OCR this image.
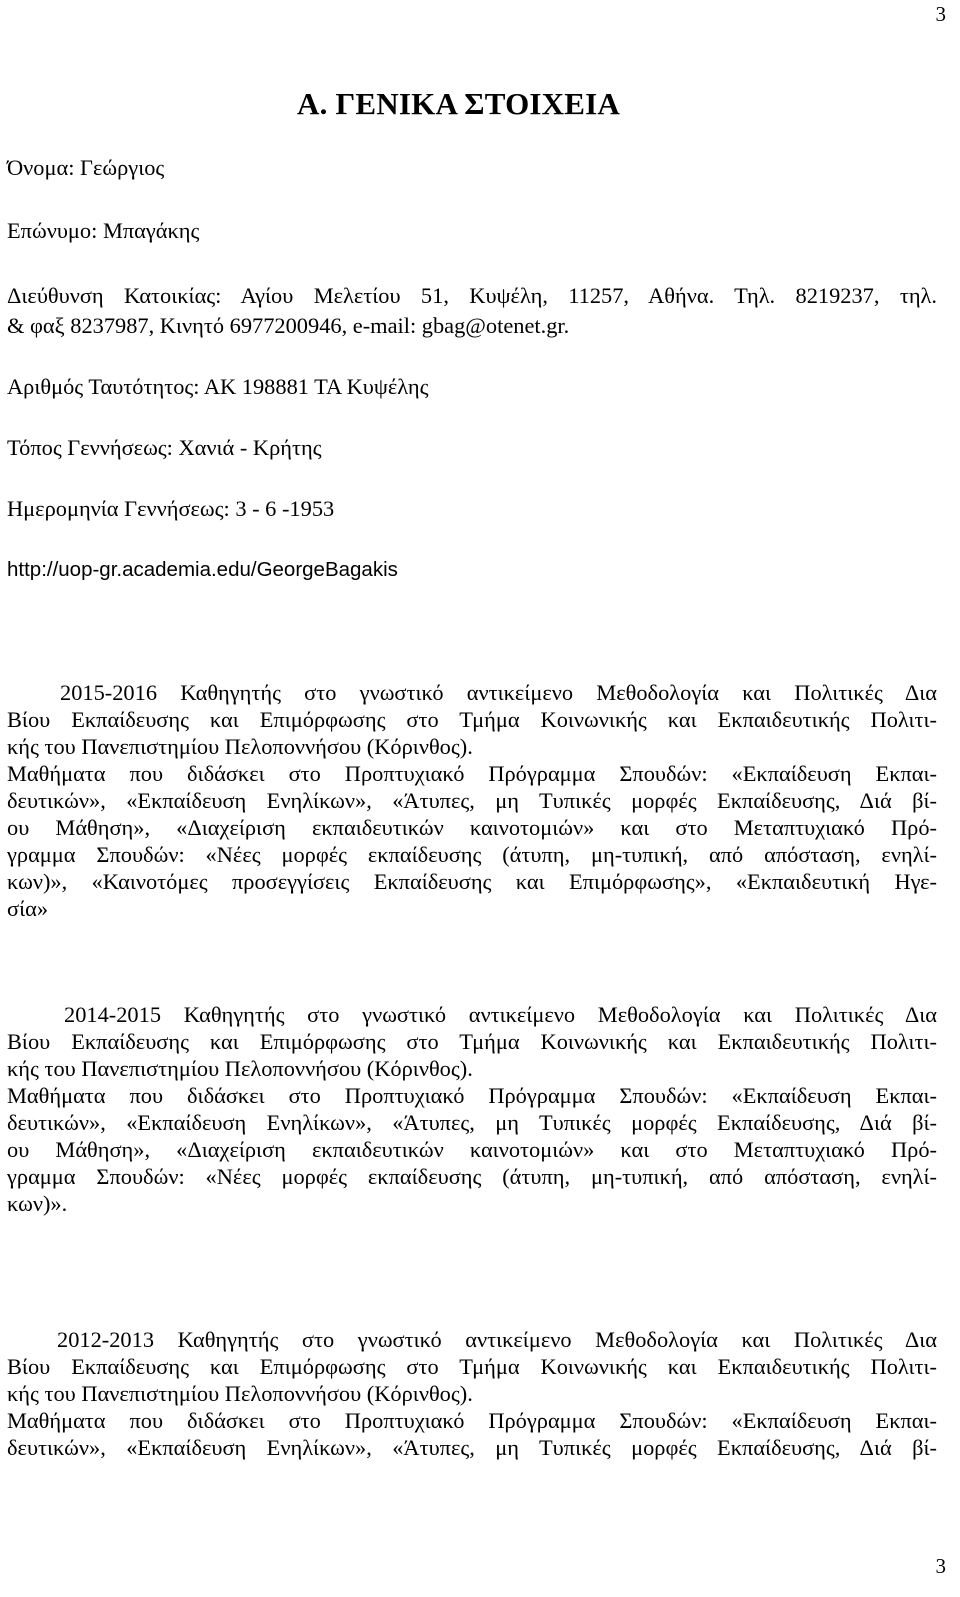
3
Α. ΓΕΝΙΚΑ ΣΤΟΙΧΕΙΑ
Όνομα: Γεώργιος
Επώνυμο: Μπαγάκης
Διεύθυνση Κατοικίας: Αγίου Μελετίου 51, Κυψέλη, 11257, Αθήνα. Τηλ. 8219237, τηλ.
& φαξ 8237987, Κινητό 6977200946, e-mail: gbag@otenet.gr.
Αριθμός Ταυτότητος: ΑΚ 198881 ΤΑ Κυψέλης
Τόπος Γεννήσεως: Χανιά - Κρήτης
Ημερομηνία Γεννήσεως: 3 - 6 -1953
http://uop-gr.academia.edu/GeorgeBagakis
2015-2016 Καθηγητής στο γνωστικό αντικείμενο Μεθοδολογία και Πολιτικές Δια
Βίου Εκπαίδευσης και Επιμόρφωσης στο Τμήμα Κοινωνικής και Εκπαιδευτικής Πολιτι-
κής του Πανεπιστημίου Πελοποννήσου (Κόρινθος).
Μαθήματα που διδάσκει στο Προπτυχιακό Πρόγραμμα Σπουδών: «Εκπαίδευση Εκπαι-
δευτικών», «Εκπαίδευση Ενηλίκων», «Άτυπες, μη Τυπικές μορφές Εκπαίδευσης, Διά βί-
ου Μάθηση», «Διαχείριση εκπαιδευτικών καινοτομιών» και στο Μεταπτυχιακό Πρό-
γραμμα Σπουδών: «Νέες μορφές εκπαίδευσης (άτυπη, μη-τυπική, από απόσταση, ενηλί-
κων)», «Καινοτόμες προσεγγίσεις Εκπαίδευσης και Επιμόρφωσης», «Εκπαιδευτική Ηγε-
σία»
2014-2015 Καθηγητής στο γνωστικό αντικείμενο Μεθοδολογία και Πολιτικές Δια
Βίου Εκπαίδευσης και Επιμόρφωσης στο Τμήμα Κοινωνικής και Εκπαιδευτικής Πολιτι-
κής του Πανεπιστημίου Πελοποννήσου (Κόρινθος).
Μαθήματα που διδάσκει στο Προπτυχιακό Πρόγραμμα Σπουδών: «Εκπαίδευση Εκπαι-
δευτικών», «Εκπαίδευση Ενηλίκων», «Άτυπες, μη Τυπικές μορφές Εκπαίδευσης, Διά βί-
ου Μάθηση», «Διαχείριση εκπαιδευτικών καινοτομιών» και στο Μεταπτυχιακό Πρό-
γραμμα Σπουδών: «Νέες μορφές εκπαίδευσης (άτυπη, μη-τυπική, από απόσταση, ενηλί-
κων)».
2012-2013 Καθηγητής στο γνωστικό αντικείμενο Μεθοδολογία και Πολιτικές Δια
Βίου Εκπαίδευσης και Επιμόρφωσης στο Τμήμα Κοινωνικής και Εκπαιδευτικής Πολιτι-
κής του Πανεπιστημίου Πελοποννήσου (Κόρινθος).
Μαθήματα που διδάσκει στο Προπτυχιακό Πρόγραμμα Σπουδών: «Εκπαίδευση Εκπαι-
δευτικών», «Εκπαίδευση Ενηλίκων», «Άτυπες, μη Τυπικές μορφές Εκπαίδευσης, Διά βί-
3
